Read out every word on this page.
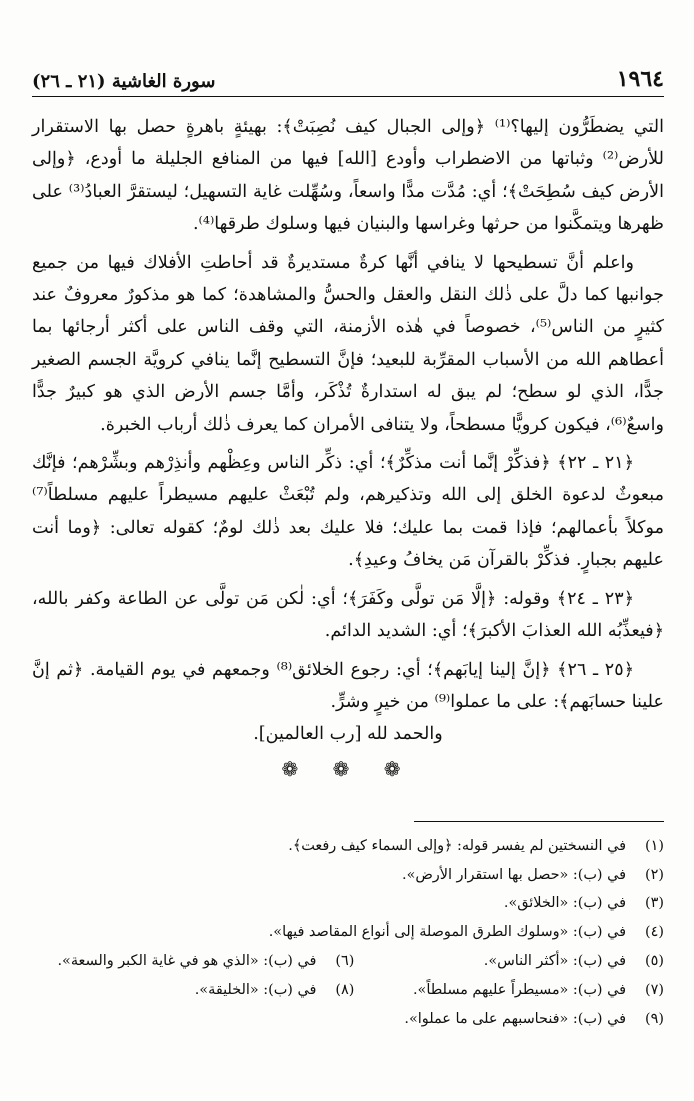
١٩٦٤
سورة الغاشية (٢١ ـ ٢٦)

التي يضطَرُّون إليها؟⁽¹⁾ ﴿وإلى الجبال كيف نُصِبَتْ﴾: بهيئةٍ باهرةٍ حصل بها الاستقرار للأرض⁽²⁾ وثباتها من الاضطراب وأودع [الله] فيها من المنافع الجليلة ما أودع، ﴿وإلى الأرض كيف سُطِحَتْ﴾؛ أي: مُدَّت مدًّا واسعاً، وسُهِّلت غاية التسهيل؛ ليستقرَّ العبادُ⁽³⁾ على ظهرها ويتمكَّنوا من حرثها وغراسها والبنيان فيها وسلوك طرقها⁽⁴⁾.

واعلم أنَّ تسطيحها لا ينافي أنَّها كرةٌ مستديرةٌ قد أحاطتِ الأفلاك فيها من جميع جوانبها كما دلَّ على ذٰلك النقل والعقل والحسُّ والمشاهدة؛ كما هو مذكورٌ معروفٌ عند كثيرٍ من الناس⁽⁵⁾، خصوصاً في هٰذه الأزمنة، التي وقف الناس على أكثر أرجائها بما أعطاهم الله من الأسباب المقرِّبة للبعيد؛ فإنَّ التسطيح إنَّما ينافي كرويَّة الجسم الصغير جدًّا، الذي لو سطح؛ لم يبق له استدارةٌ تُذْكَر، وأمَّا جسم الأرض الذي هو كبيرٌ جدًّا واسعٌ⁽⁶⁾، فيكون كرويًّا مسطحاً، ولا يتنافى الأمران كما يعرف ذٰلك أرباب الخبرة.

﴿٢١ ـ ٢٢﴾ ﴿فذكِّرْ إنَّما أنت مذكِّرٌ﴾؛ أي: ذكِّر الناس وعِظْهم وأنذِرْهم وبشِّرْهم؛ فإنَّك مبعوثٌ لدعوة الخلق إلى الله وتذكيرهم، ولم تُبْعَثْ عليهم مسيطراً عليهم مسلطاً⁽⁷⁾ موكلاً بأعمالهم؛ فإذا قمت بما عليك؛ فلا عليك بعد ذٰلك لومٌ؛ كقوله تعالى: ﴿وما أنت عليهم بجبارٍ. فذكِّرْ بالقرآن مَن يخافُ وعيدِ﴾.

﴿٢٣ ـ ٢٤﴾ وقوله: ﴿إلَّا مَن تولَّى وكَفَرَ﴾؛ أي: لٰكن مَن تولَّى عن الطاعة وكفر بالله، ﴿فيعذِّبُه الله العذابَ الأكبرَ﴾؛ أي: الشديد الدائم.

﴿٢٥ ـ ٢٦﴾ ﴿إنَّ إلينا إيابَهم﴾؛ أي: رجوع الخلائق⁽⁸⁾ وجمعهم في يوم القيامة. ﴿ثم إنَّ علينا حسابَهم﴾: على ما عملوا⁽⁹⁾ من خيرٍ وشرٍّ.

والحمد لله [رب العالمين].

❁ ❁ ❁
(١)
في النسختين لم يفسر قوله: ﴿وإلى السماء كيف رفعت﴾.
(٢)
في (ب): «حصل بها استقرار الأرض».
(٣)
في (ب): «الخلائق».
(٤)
في (ب): «وسلوك الطرق الموصلة إلى أنواع المقاصد فيها».
(٥)
في (ب): «أكثر الناس».
(٦)
في (ب): «الذي هو في غاية الكبر والسعة».
(٧)
في (ب): «مسيطراً عليهم مسلطاً».
(٨)
في (ب): «الخليقة».
(٩)
في (ب): «فنحاسبهم على ما عملوا».
